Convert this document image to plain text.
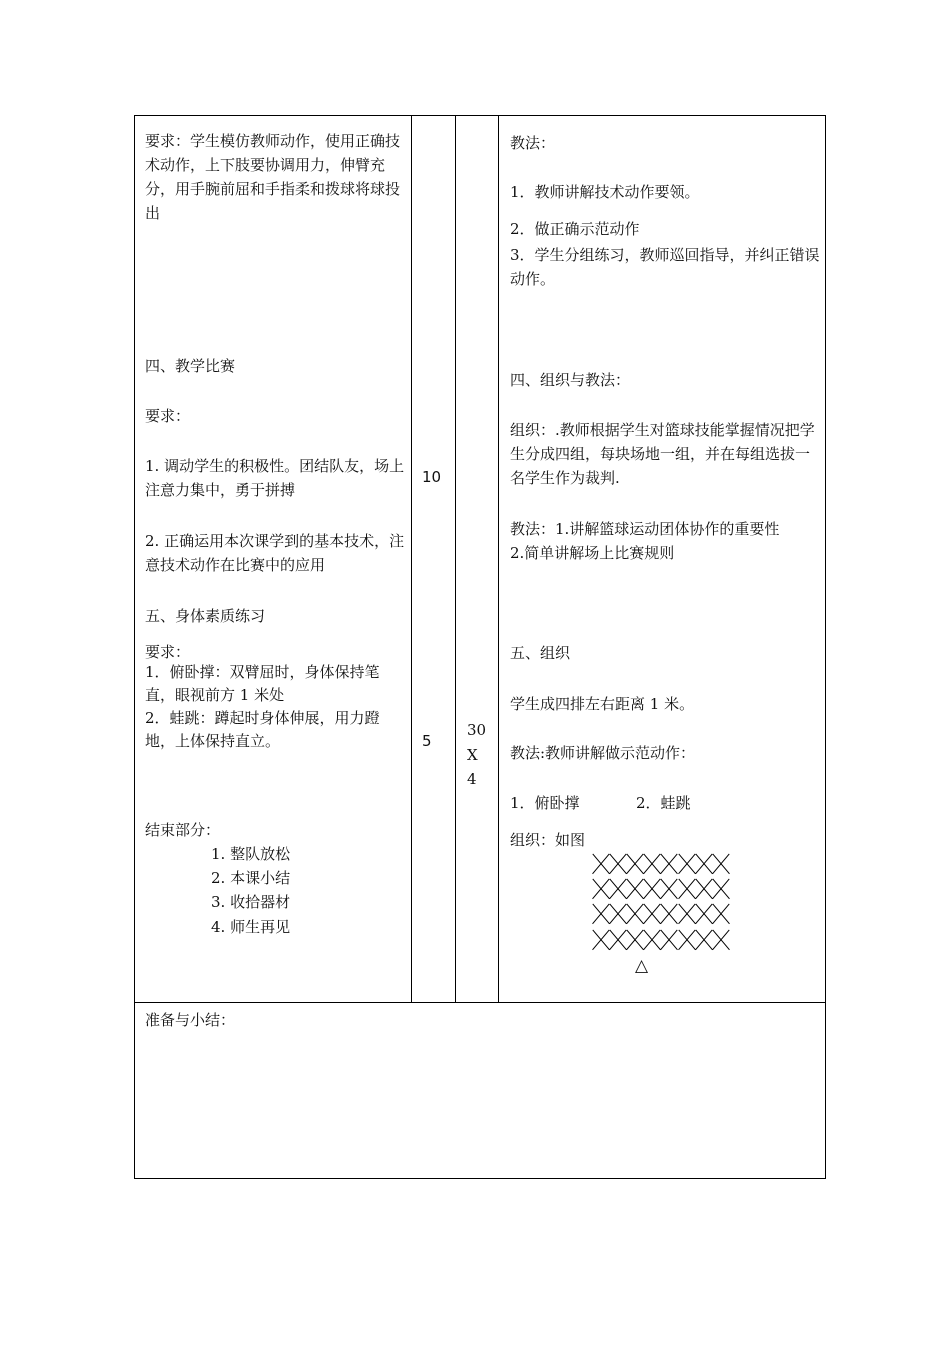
要求：学生模仿教师动作，使用正确技术动作，上下肢要协调用力，伸臂充分，用手腕前屈和手指柔和拨球将球投出
四、教学比赛
要求：
1. 调动学生的积极性。团结队友，场上注意力集中，勇于拼搏
2. 正确运用本次课学到的基本技术，注意技术动作在比赛中的应用
五、身体素质练习
要求：
1．俯卧撑：双臂屈时，身体保持笔直，眼视前方 1 米处
2．蛙跳：蹲起时身体伸展，用力蹬地，上体保持直立。
结束部分：
1. 整队放松
2. 本课小结
3. 收拾器材
4. 师生再见
10
5
30
X
4
教法：
1．教师讲解技术动作要领。
2．做正确示范动作
3．学生分组练习，教师巡回指导，并纠正错误动作。
四、组织与教法：
组织：.教师根据学生对篮球技能掌握情况把学生分成四组，每块场地一组，并在每组选拔一名学生作为裁判.
教法：1.讲解篮球运动团体协作的重要性
2.简单讲解场上比赛规则
五、组织
学生成四排左右距离 1 米。
教法:教师讲解做示范动作：
1．俯卧撑	2．蛙跳
组织：如图
△
准备与小结：
